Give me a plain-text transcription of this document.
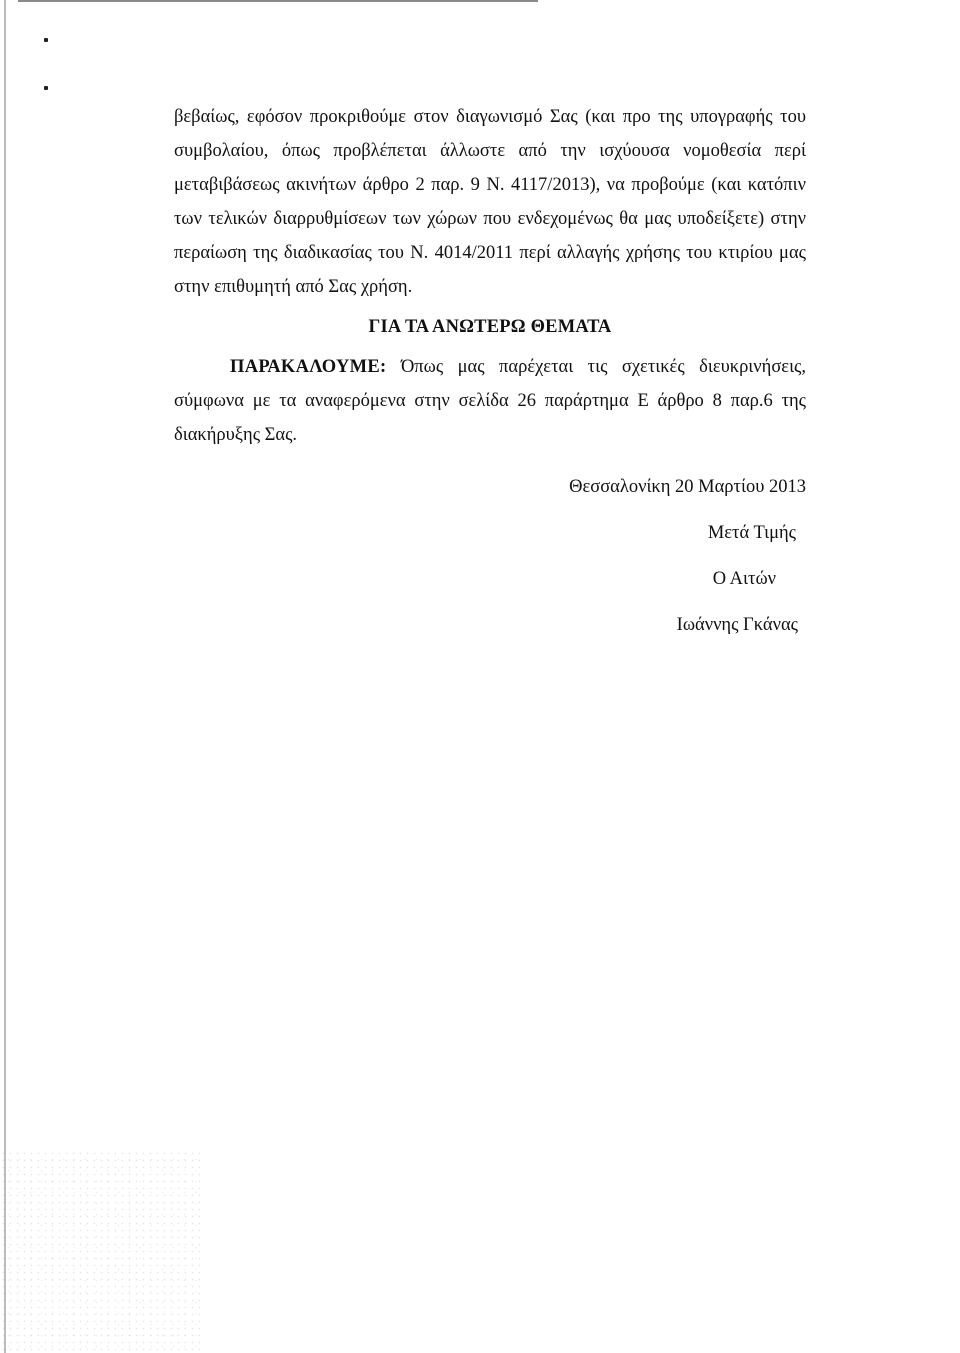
βεβαίως, εφόσον προκριθούμε στον διαγωνισμό Σας (και προ της υπογραφής του συμβολαίου, όπως προβλέπεται άλλωστε από την ισχύουσα νομοθεσία περί μεταβιβάσεως ακινήτων άρθρο 2 παρ. 9 Ν. 4117/2013), να προβούμε (και κατόπιν των τελικών διαρρυθμίσεων των χώρων που ενδεχομένως θα μας υποδείξετε) στην περαίωση της διαδικασίας του Ν. 4014/2011 περί αλλαγής χρήσης του κτιρίου μας στην επιθυμητή από Σας χρήση.

ΓΙΑ ΤΑ ΑΝΩΤΕΡΩ ΘΕΜΑΤΑ

ΠΑΡΑΚΑΛΟΥΜΕ: Όπως μας παρέχεται τις σχετικές διευκρινήσεις, σύμφωνα με τα αναφερόμενα στην σελίδα 26 παράρτημα Ε άρθρο 8 παρ.6 της διακήρυξης Σας.

Θεσσαλονίκη 20 Μαρτίου 2013
Μετά Τιμής
Ο Αιτών
Ιωάννης Γκάνας
